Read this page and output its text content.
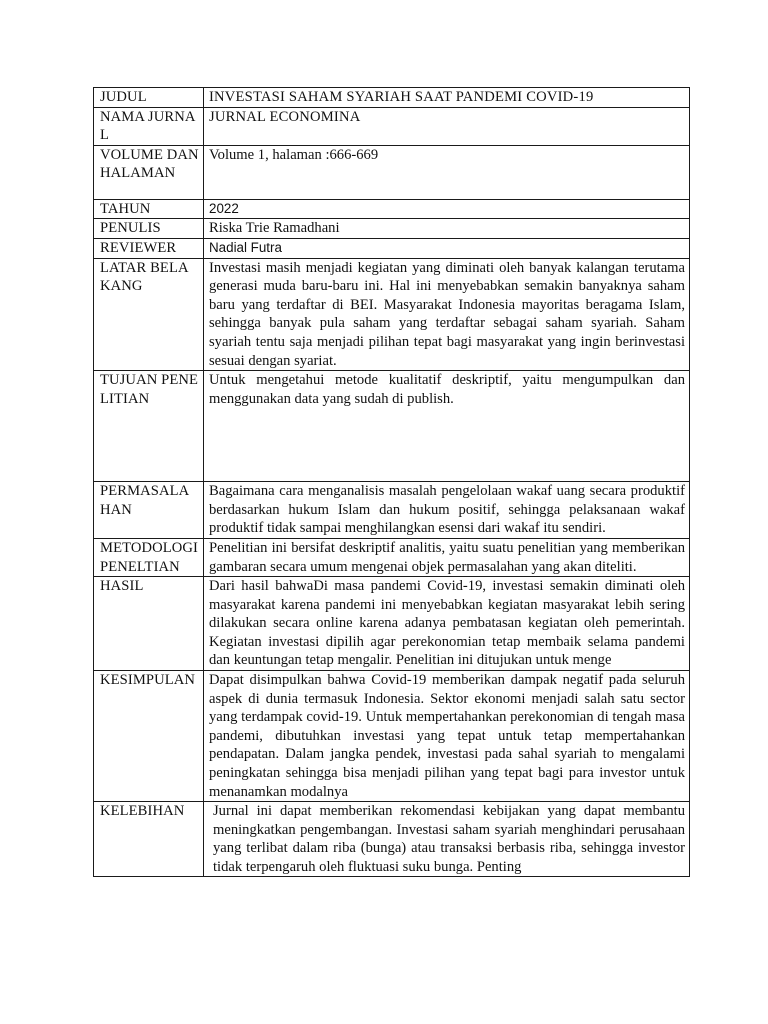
JUDUL	INVESTASI SAHAM SYARIAH SAAT PANDEMI COVID-19
NAMA JURNAL	JURNAL ECONOMINA
VOLUME DAN HALAMAN	Volume 1, halaman :666-669
TAHUN	2022
PENULIS	Riska Trie Ramadhani
REVIEWER	Nadial Futra
LATAR BELAKANG	Investasi masih menjadi kegiatan yang diminati oleh banyak kalangan terutama generasi muda baru-baru ini. Hal ini menyebabkan semakin banyaknya saham baru yang terdaftar di BEI. Masyarakat Indonesia mayoritas beragama Islam, sehingga banyak pula saham yang terdaftar sebagai saham syariah. Saham syariah tentu saja menjadi pilihan tepat bagi masyarakat yang ingin berinvestasi sesuai dengan syariat.
TUJUAN PENELITIAN	Untuk mengetahui metode kualitatif deskriptif, yaitu mengumpulkan dan menggunakan data yang sudah di publish.
PERMASALAHAN	Bagaimana cara menganalisis masalah pengelolaan wakaf uang secara produktif berdasarkan hukum Islam dan hukum positif, sehingga pelaksanaan wakaf produktif tidak sampai menghilangkan esensi dari wakaf itu sendiri.
METODOLOGI PENELTIAN	Penelitian ini bersifat deskriptif analitis, yaitu suatu penelitian yang memberikan gambaran secara umum mengenai objek permasalahan yang akan diteliti.
HASIL	Dari hasil bahwaDi masa pandemi Covid-19, investasi semakin diminati oleh masyarakat karena pandemi ini menyebabkan kegiatan masyarakat lebih sering dilakukan secara online karena adanya pembatasan kegiatan oleh pemerintah. Kegiatan investasi dipilih agar perekonomian tetap membaik selama pandemi dan keuntungan tetap mengalir. Penelitian ini ditujukan untuk menge
KESIMPULAN	Dapat disimpulkan bahwa Covid-19 memberikan dampak negatif pada seluruh aspek di dunia termasuk Indonesia. Sektor ekonomi menjadi salah satu sector yang terdampak covid-19. Untuk mempertahankan perekonomian di tengah masa pandemi, dibutuhkan investasi yang tepat untuk tetap mempertahankan pendapatan. Dalam jangka pendek, investasi pada sahal syariah to mengalami peningkatan sehingga bisa menjadi pilihan yang tepat bagi para investor untuk menanamkan modalnya
KELEBIHAN	Jurnal ini dapat memberikan rekomendasi kebijakan yang dapat membantu meningkatkan pengembangan. Investasi saham syariah menghindari perusahaan yang terlibat dalam riba (bunga) atau transaksi berbasis riba, sehingga investor tidak terpengaruh oleh fluktuasi suku bunga. Penting
